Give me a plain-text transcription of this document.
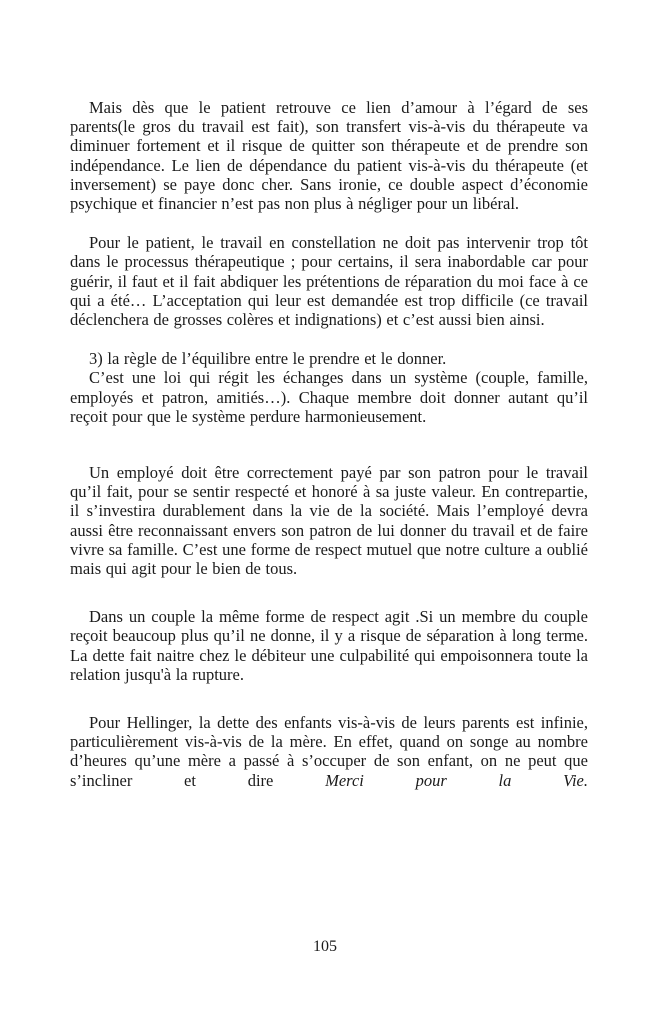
Mais dès que le patient retrouve ce lien d’amour à l’égard de ses parents(le gros du travail est fait), son transfert vis-à-vis du thérapeute va diminuer fortement et il risque de quitter son thérapeute et de prendre son indépendance. Le lien de dépendance du patient vis-à-vis du thérapeute (et inversement) se paye donc cher. Sans ironie, ce double aspect d’économie psychique et financier n’est pas non plus à négliger pour un libéral.

Pour le patient, le travail en constellation ne doit pas intervenir trop tôt dans le processus thérapeutique ; pour certains, il sera inabordable car pour guérir, il faut et il fait abdiquer les prétentions de réparation du moi face à ce qui a été… L’acceptation qui leur est demandée est trop difficile (ce travail déclenchera de grosses colères et indignations) et c’est aussi bien ainsi.

3) la règle de l’équilibre entre le prendre et le donner.

C’est une loi qui régit les échanges dans un système (couple, famille, employés et patron, amitiés…). Chaque membre doit donner autant qu’il reçoit pour que le système perdure harmonieusement.

Un employé doit être correctement payé par son patron pour le travail qu’il fait, pour se sentir respecté et honoré à sa juste valeur. En contrepartie, il s’investira durablement dans la vie de la société. Mais l’employé devra aussi être reconnaissant envers son patron de lui donner du travail et de faire vivre sa famille. C’est une forme de respect mutuel que notre culture a oublié mais qui agit pour le bien de tous.

Dans un couple la même forme de respect agit .Si un membre du couple reçoit beaucoup plus qu’il ne donne, il y a risque de séparation à long terme. La dette fait naitre chez le débiteur une culpabilité qui empoisonnera toute la relation jusqu'à la rupture.

Pour Hellinger, la dette des enfants vis-à-vis de leurs parents est infinie, particulièrement vis-à-vis de la mère. En effet, quand on songe au nombre d’heures qu’une mère a passé à s’occuper de son enfant, on ne peut que s’incliner et dire Merci pour la Vie.

105
